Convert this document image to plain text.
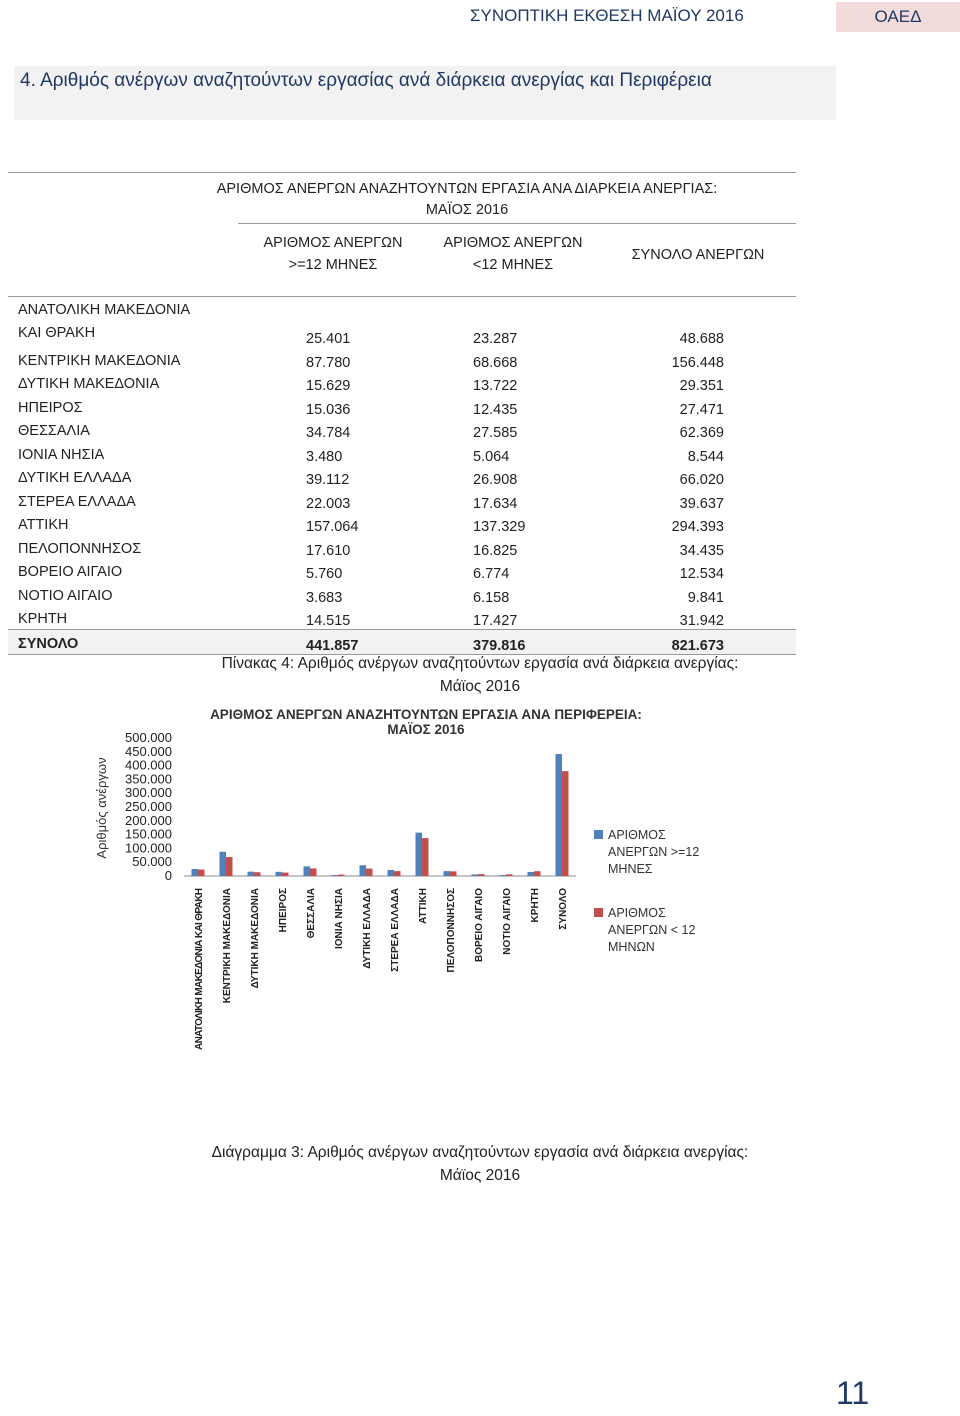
ΣΥΝΟΠΤΙΚΗ ΕΚΘΕΣΗ ΜΑΪΟΥ 2016	ΟΑΕΔ
4. Αριθμός ανέργων αναζητούντων εργασίας ανά διάρκεια ανεργίας και Περιφέρεια
ΑΡΙΘΜΟΣ ΑΝΕΡΓΩΝ ΑΝΑΖΗΤΟΥΝΤΩΝ ΕΡΓΑΣΙΑ ΑΝΑ ΔΙΑΡΚΕΙΑ ΑΝΕΡΓΙΑΣ:
ΜΑΪΟΣ 2016
ΑΡΙΘΜΟΣ ΑΝΕΡΓΩΝ
>=12 ΜΗΝΕΣ
ΑΡΙΘΜΟΣ ΑΝΕΡΓΩΝ
<12 ΜΗΝΕΣ
ΣΥΝΟΛΟ ΑΝΕΡΓΩΝ
ΑΝΑΤΟΛΙΚΗ ΜΑΚΕΔΟΝΙΑ
ΚΑΙ ΘΡΑΚΗ	25.401	23.287	48.688
ΚΕΝΤΡΙΚΗ ΜΑΚΕΔΟΝΙΑ	87.780	68.668	156.448
ΔΥΤΙΚΗ ΜΑΚΕΔΟΝΙΑ	15.629	13.722	29.351
ΗΠΕΙΡΟΣ	15.036	12.435	27.471
ΘΕΣΣΑΛΙΑ	34.784	27.585	62.369
ΙΟΝΙΑ ΝΗΣΙΑ	3.480	5.064	8.544
ΔΥΤΙΚΗ ΕΛΛΑΔΑ	39.112	26.908	66.020
ΣΤΕΡΕΑ ΕΛΛΑΔΑ	22.003	17.634	39.637
ΑΤΤΙΚΗ	157.064	137.329	294.393
ΠΕΛΟΠΟΝΝΗΣΟΣ	17.610	16.825	34.435
ΒΟΡΕΙΟ ΑΙΓΑΙΟ	5.760	6.774	12.534
ΝΟΤΙΟ ΑΙΓΑΙΟ	3.683	6.158	9.841
ΚΡΗΤΗ	14.515	17.427	31.942
ΣΥΝΟΛΟ	441.857	379.816	821.673
Πίνακας 4: Αριθμός ανέργων αναζητούντων εργασία ανά διάρκεια ανεργίας:
Μάϊος 2016
ΑΡΙΘΜΟΣ ΑΝΕΡΓΩΝ ΑΝΑΖΗΤΟΥΝΤΩΝ ΕΡΓΑΣΙΑ ΑΝΑ ΠΕΡΙΦΕΡΕΙΑ:
ΜΑΪΟΣ 2016
0
50.000
100.000
150.000
200.000
250.000
300.000
350.000
400.000
450.000
500.000
Αριθμός ανέργων
ΑΝΑΤΟΛΙΚΗ ΜΑΚΕΔΟΝΙΑ ΚΑΙ ΘΡΑΚΗ ΚΕΝΤΡΙΚΗ ΜΑΚΕΔΟΝΙΑ ΔΥΤΙΚΗ ΜΑΚΕΔΟΝΙΑ ΗΠΕΙΡΟΣ ΘΕΣΣΑΛΙΑ ΙΟΝΙΑ ΝΗΣΙΑ ΔΥΤΙΚΗ ΕΛΛΑΔΑ ΣΤΕΡΕΑ ΕΛΛΑΔΑ ΑΤΤΙΚΗ ΠΕΛΟΠΟΝΝΗΣΟΣ ΒΟΡΕΙΟ ΑΙΓΑΙΟ ΝΟΤΙΟ ΑΙΓΑΙΟ ΚΡΗΤΗ ΣΥΝΟΛΟ
ΑΡΙΘΜΟΣ
ΑΝΕΡΓΩΝ >=12
ΜΗΝΕΣ
ΑΡΙΘΜΟΣ
ΑΝΕΡΓΩΝ < 12
ΜΗΝΩΝ
Διάγραμμα 3: Αριθμός ανέργων αναζητούντων εργασία ανά διάρκεια ανεργίας:
Μάϊος 2016
11
